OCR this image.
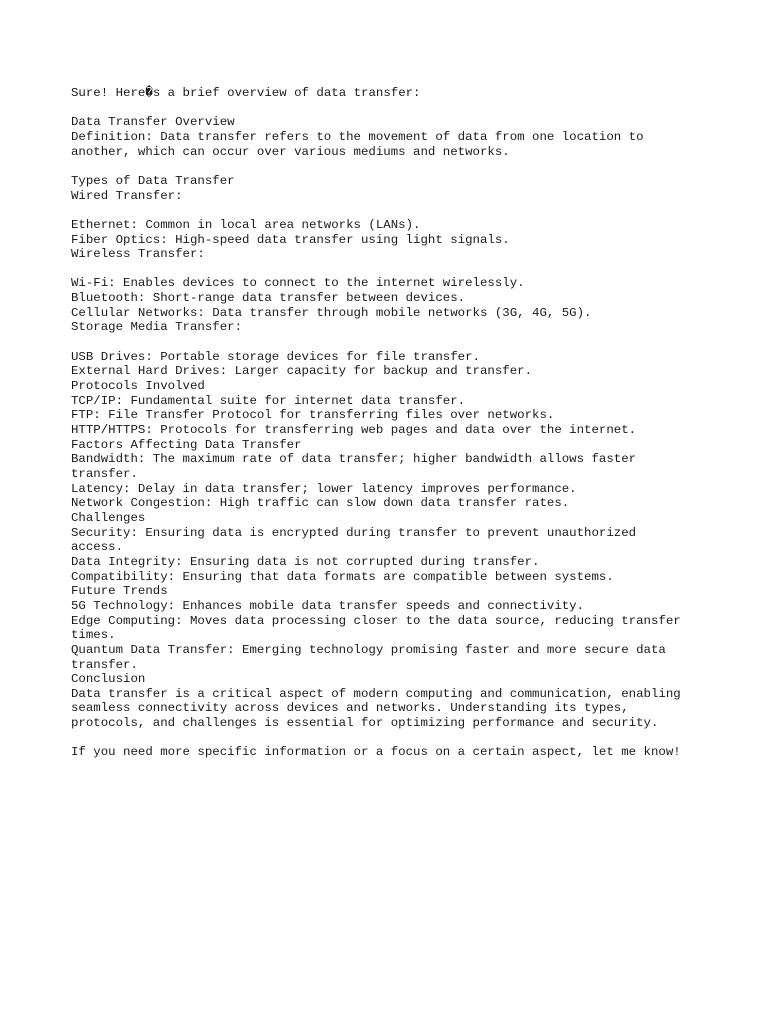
Sure! Here�s a brief overview of data transfer:
Data Transfer Overview
Definition: Data transfer refers to the movement of data from one location to
another, which can occur over various mediums and networks.
Types of Data Transfer
Wired Transfer:
Ethernet: Common in local area networks (LANs).
Fiber Optics: High-speed data transfer using light signals.
Wireless Transfer:
Wi-Fi: Enables devices to connect to the internet wirelessly.
Bluetooth: Short-range data transfer between devices.
Cellular Networks: Data transfer through mobile networks (3G, 4G, 5G).
Storage Media Transfer:
USB Drives: Portable storage devices for file transfer.
External Hard Drives: Larger capacity for backup and transfer.
Protocols Involved
TCP/IP: Fundamental suite for internet data transfer.
FTP: File Transfer Protocol for transferring files over networks.
HTTP/HTTPS: Protocols for transferring web pages and data over the internet.
Factors Affecting Data Transfer
Bandwidth: The maximum rate of data transfer; higher bandwidth allows faster
transfer.
Latency: Delay in data transfer; lower latency improves performance.
Network Congestion: High traffic can slow down data transfer rates.
Challenges
Security: Ensuring data is encrypted during transfer to prevent unauthorized
access.
Data Integrity: Ensuring data is not corrupted during transfer.
Compatibility: Ensuring that data formats are compatible between systems.
Future Trends
5G Technology: Enhances mobile data transfer speeds and connectivity.
Edge Computing: Moves data processing closer to the data source, reducing transfer
times.
Quantum Data Transfer: Emerging technology promising faster and more secure data
transfer.
Conclusion
Data transfer is a critical aspect of modern computing and communication, enabling
seamless connectivity across devices and networks. Understanding its types,
protocols, and challenges is essential for optimizing performance and security.
If you need more specific information or a focus on a certain aspect, let me know!
